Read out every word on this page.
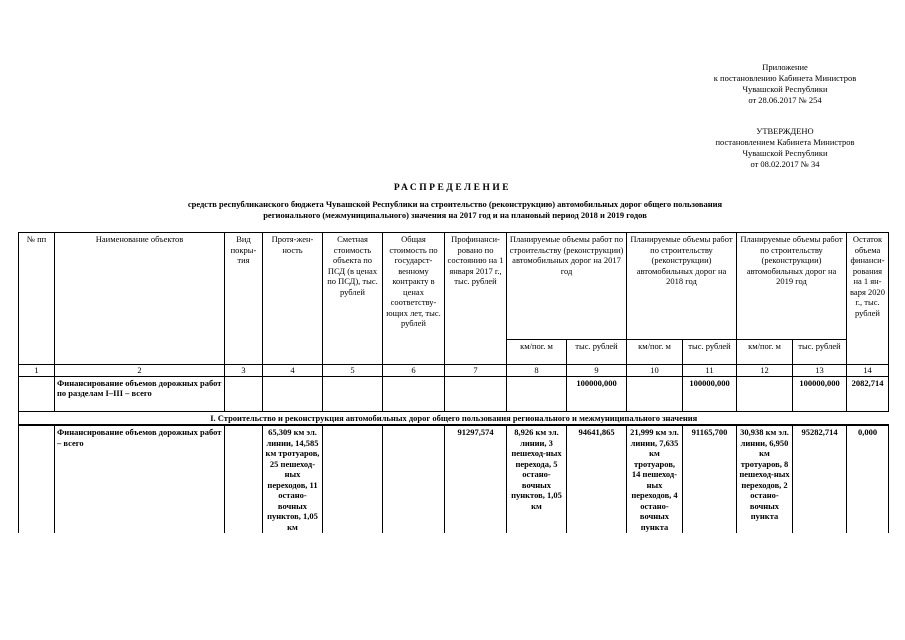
Приложение
к постановлению Кабинета Министров
Чувашской Республики
от 28.06.2017 № 254
УТВЕРЖДЕНО
постановлением Кабинета Министров
Чувашской Республики
от 08.02.2017 № 34
РАСПРЕДЕЛЕНИЕ
средств республиканского бюджета Чувашской Республики на строительство (реконструкцию) автомобильных дорог общего пользования
регионального (межмуниципального) значения на 2017 год и на плановый период 2018 и 2019 годов
№ пп	Наименование объектов	Вид покры-тия	Протя-жен-ность	Сметная стоимость объекта по ПСД (в ценах по ПСД), тыс. рублей	Общая стоимость по государст-венному контракту в ценах соответству-ющих лет, тыс. рублей	Профинанси-ровано по состоянию на 1 января 2017 г., тыс. рублей	Планируемые объемы работ по строительству (реконструкции) автомобильных дорог на 2017 год		Планируемые объемы работ по строительству (реконструкции) автомобильных дорог на 2018 год		Планируемые объемы работ по строительству (реконструкции) автомобильных дорог на 2019 год		Остаток объема финанси-рования на 1 ян-варя 2020 г., тыс. рублей
							км/пог. м	тыс. рублей	км/пог. м	тыс. рублей	км/пог. м	тыс. рублей	
1	2	3	4	5	6	7	8	9	10	11	12	13	14
	Финансирование объемов дорожных работ по разделам I–III – всего							100000,000		100000,000		100000,000	2082,714
I. Строительство и реконструкция автомобильных дорог общего пользования регионального и межмуниципального значения													
	Финансирование объемов дорожных работ – всего		65,309 км эл. линии, 14,585 км тротуаров, 25 пешеход-ных переходов, 11 остано-вочных пунктов, 1,05 км			91297,574	8,926 км эл. линии, 3 пешеход-ных перехода, 5 остано-вочных пунктов, 1,05 км	94641,865	21,999 км эл. линии, 7,635 км тротуаров, 14 пешеход-ных переходов, 4 остано-вочных пункта	91165,700	30,938 км эл. линии, 6,950 км тротуаров, 8 пешеход-ных переходов, 2 остано-вочных пункта	95282,714	0,000
